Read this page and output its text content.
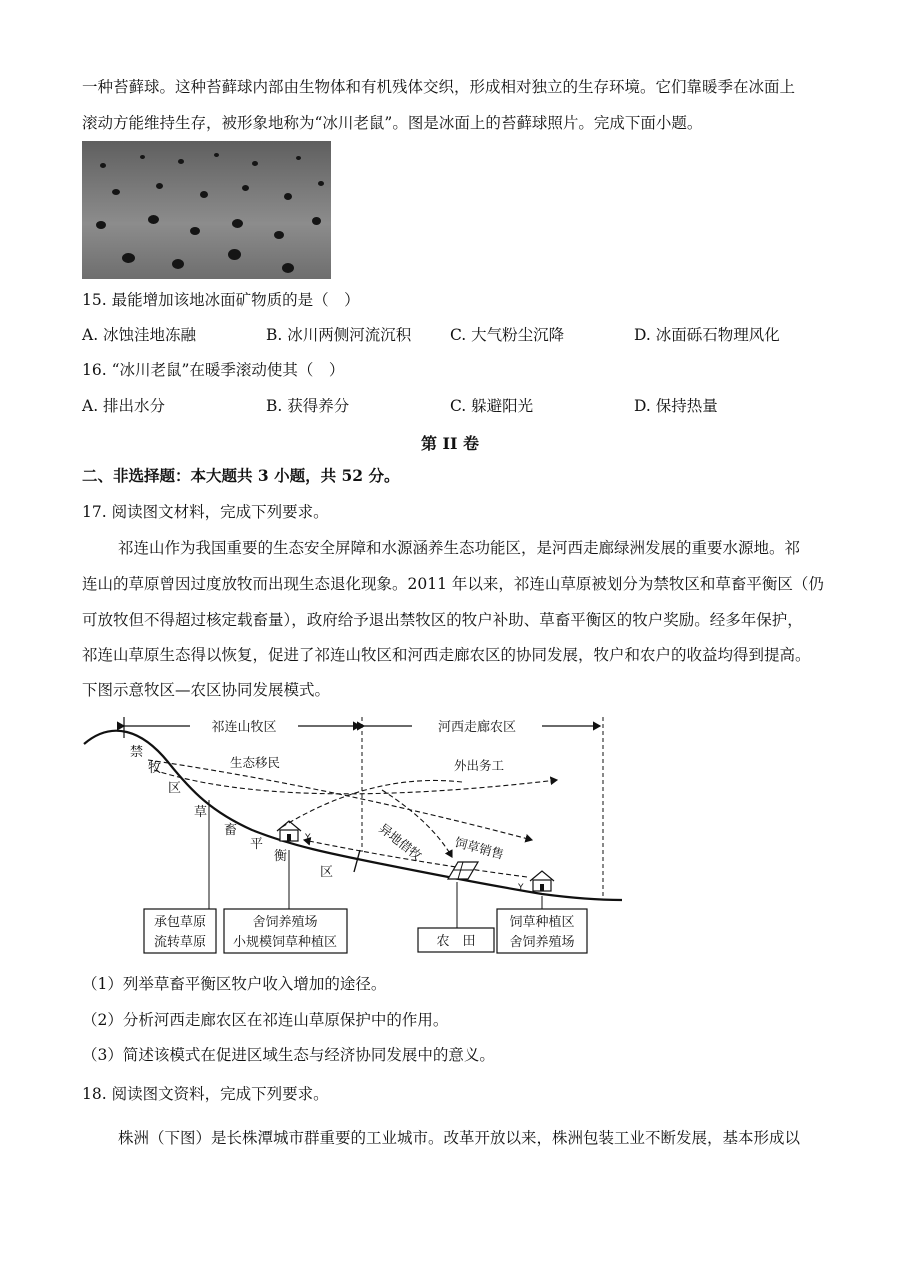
一种苔藓球。这种苔藓球内部由生物体和有机残体交织，形成相对独立的生存环境。它们靠暖季在冰面上
滚动方能维持生存，被形象地称为“冰川老鼠”。图是冰面上的苔藓球照片。完成下面小题。
15. 最能增加该地冰面矿物质的是（　）
A. 冰蚀洼地冻融	B. 冰川两侧河流沉积	C. 大气粉尘沉降	D. 冰面砾石物理风化
16. “冰川老鼠”在暖季滚动使其（　）
A. 排出水分	B. 获得养分	C. 躲避阳光	D. 保持热量
第 II 卷
二、非选择题：本大题共 3 小题，共 52 分。
17. 阅读图文材料，完成下列要求。
祁连山作为我国重要的生态安全屏障和水源涵养生态功能区，是河西走廊绿洲发展的重要水源地。祁
连山的草原曾因过度放牧而出现生态退化现象。2011 年以来，祁连山草原被划分为禁牧区和草畜平衡区（仍
可放牧但不得超过核定载畜量），政府给予退出禁牧区的牧户补助、草畜平衡区的牧户奖励。经多年保护，
祁连山草原生态得以恢复，促进了祁连山牧区和河西走廊农区的协同发展，牧户和农户的收益均得到提高。
下图示意牧区—农区协同发展模式。
祁连山牧区	河西走廊农区
禁
牧
区
草
畜
平
衡
区
生态移民	外出务工
异地借牧 饲草销售
Y
Y
承包草原
流转草原
舍饲养殖场
小规模饲草种植区	农　田
饲草种植区
舍饲养殖场
（1）列举草畜平衡区牧户收入增加的途径。
（2）分析河西走廊农区在祁连山草原保护中的作用。
（3）简述该模式在促进区域生态与经济协同发展中的意义。
18. 阅读图文资料，完成下列要求。
株洲（下图）是长株潭城市群重要的工业城市。改革开放以来，株洲包装工业不断发展，基本形成以
